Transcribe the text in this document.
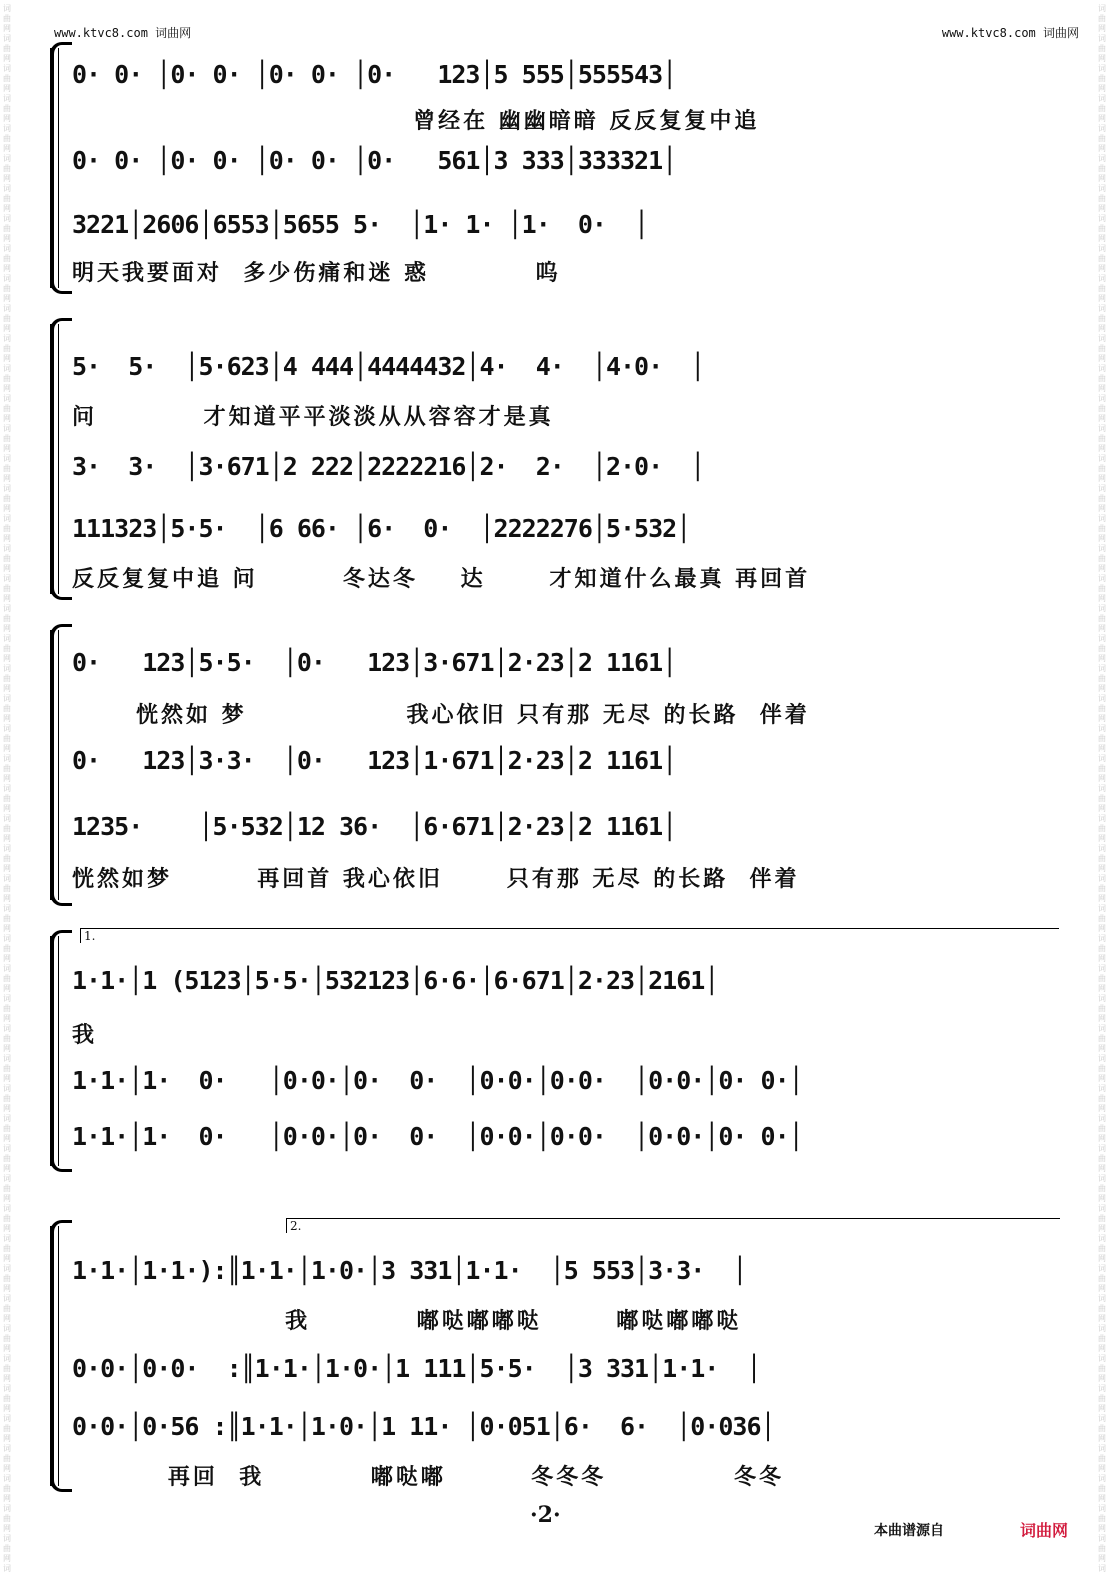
词
曲
网
词
曲
网
词
曲
网
词
曲
网
词
曲
网
词
曲
网
词
曲
网
词
曲
网
词
曲
网
词
曲
网
词
曲
网
词
曲
网
词
曲
网
词
曲
网
词
曲
网
词
曲
网
词
曲
网
词
曲
网
词
曲
网
词
曲
网
词
曲
网
词
曲
网
词
曲
网
词
曲
网
词
曲
网
词
曲
网
词
曲
网
词
曲
网
词
曲
网
词
曲
网
词
曲
网
词
曲
网
词
曲
网
词
曲
网
词
曲
网
词
曲
网
词
曲
网
词
曲
网
词
曲
网
词
曲
网
词
曲
网
词
曲
网
词
曲
网
词
曲
网
词
曲
网
词
曲
网
词
曲
网
词
曲
网
词
曲
网
词
曲
网
词
曲
网
词
曲
网
词
词
曲
网
词
曲
网
词
曲
网
词
曲
网
词
曲
网
词
曲
网
词
曲
网
词
曲
网
词
曲
网
词
曲
网
词
曲
网
词
曲
网
词
曲
网
词
曲
网
词
曲
网
词
曲
网
词
曲
网
词
曲
网
词
曲
网
词
曲
网
词
曲
网
词
曲
网
词
曲
网
词
曲
网
词
曲
网
词
曲
网
词
曲
网
词
曲
网
词
曲
网
词
曲
网
词
曲
网
词
曲
网
词
曲
网
词
曲
网
词
曲
网
词
曲
网
词
曲
网
词
曲
网
词
曲
网
词
曲
网
词
曲
网
词
曲
网
词
曲
网
词
曲
网
词
曲
网
词
曲
网
词
曲
网
词
曲
网
词
曲
网
词
曲
网
词
曲
网
词
曲
网
词
www.ktvc8.com 词曲网	www.ktvc8.com 词曲网
0· 0· │0· 0· │0· 0· │0·   123│5 555│555543│
曾经在 幽幽暗暗 反反复复中追
0· 0· │0· 0· │0· 0· │0·   561│3 333│333321│
3221│2606│6553│5655 5·  │1· 1· │1·  0·  │
明天我要面对  多少伤痛和迷 惑          呜
5·  5·  │5·623│4 444│4444432│4·  4·  │4·0·  │
问          才知道平平淡淡从从容容才是真
3·  3·  │3·671│2 222│2222216│2·  2·  │2·0·  │
111323│5·5·  │6 66· │6·  0·  │2222276│5·532│
反反复复中追 问        冬达冬    达      才知道什么最真 再回首
0·   123│5·5·  │0·   123│3·671│2·23│2 1161│
恍然如 梦               我心依旧 只有那 无尽 的长路  伴着
0·   123│3·3·  │0·   123│1·671│2·23│2 1161│
1235·    │5·532│12 36·  │6·671│2·23│2 1161│
恍然如梦        再回首 我心依旧      只有那 无尽 的长路  伴着
1.
1·1·│1 (5123│5·5·│532123│6·6·│6·671│2·23│2161│
我
1·1·│1·  0·   │0·0·│0·  0·  │0·0·│0·0·  │0·0·│0· 0·│
1·1·│1·  0·   │0·0·│0·  0·  │0·0·│0·0·  │0·0·│0· 0·│
2.
1·1·│1·1·):║1·1·│1·0·│3 331│1·1·  │5 553│3·3·  │
我          嘟哒嘟嘟哒       嘟哒嘟嘟哒
0·0·│0·0·  :║1·1·│1·0·│1 111│5·5·  │3 331│1·1·  │
0·0·│0·56 :║1·1·│1·0·│1 11· │0·051│6·  6·  │0·036│
再回  我          嘟哒嘟        冬冬冬            冬冬
·2·
本曲谱源自	词曲网
